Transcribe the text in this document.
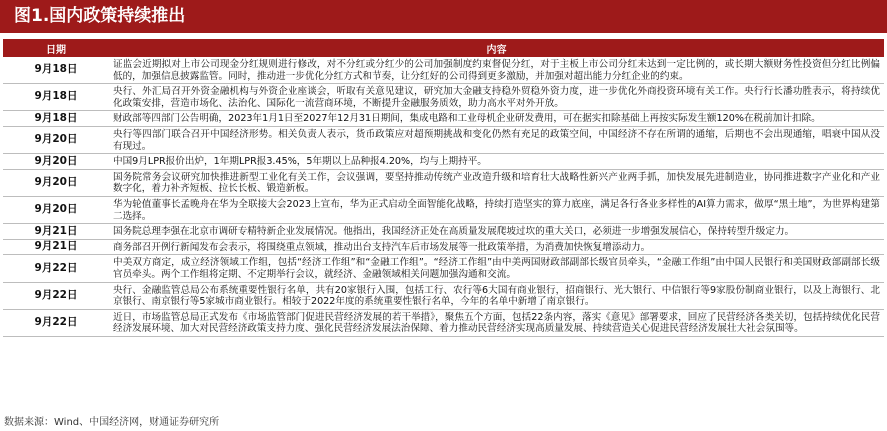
图1.国内政策持续推出
日期	内容
9月18日	证监会近期拟对上市公司现金分红规则进行修改，对不分红或分红少的公司加强制度约束督促分红，对于主板上市公司分红未达到一定比例的，或长期大额财务性投资但分红比例偏低的，加强信息披露监管。同时，推动进一步优化分红方式和节奏，让分红好的公司得到更多激励，并加强对超出能力分红企业的约束。
9月18日	央行、外汇局召开外资金融机构与外资企业座谈会，听取有关意见建议，研究加大金融支持稳外贸稳外资力度，进一步优化外商投资环境有关工作。央行行长潘功胜表示，将持续优化政策安排，营造市场化、法治化、国际化一流营商环境，不断提升金融服务质效，助力高水平对外开放。
9月18日	财政部等四部门公告明确，2023年1月1日至2027年12月31日期间，集成电路和工业母机企业研发费用，可在据实扣除基础上再按实际发生额120%在税前加计扣除。
9月20日	央行等四部门联合召开中国经济形势。相关负责人表示，货币政策应对超预期挑战和变化仍然有充足的政策空间，中国经济不存在所谓的通缩，后期也不会出现通缩，唱衰中国从没有现过。
9月20日	中国9月LPR报价出炉，1年期LPR报3.45%，5年期以上品种报4.20%，均与上期持平。
9月20日	国务院常务会议研究加快推进新型工业化有关工作，会议强调，要坚持推动传统产业改造升级和培育壮大战略性新兴产业两手抓，加快发展先进制造业，协同推进数字产业化和产业数字化，着力补齐短板、拉长长板、锻造新板。
9月20日	华为轮值董事长孟晚舟在华为全联接大会2023上宣布，华为正式启动全面智能化战略，持续打造坚实的算力底座，满足各行各业多样性的AI算力需求，做厚“黑土地”，为世界构建第二选择。
9月21日	国务院总理李强在北京市调研专精特新企业发展情况。他指出，我国经济正处在高质量发展爬坡过坎的重大关口，必须进一步增强发展信心，保持转型升级定力。
9月21日	商务部召开例行新闻发布会表示，将围绕重点领域，推动出台支持汽车后市场发展等一批政策举措，为消费加快恢复增添动力。
9月22日	中美双方商定，成立经济领域工作组，包括“经济工作组”和“金融工作组”。“经济工作组”由中美两国财政部副部长级官员牵头，“金融工作组”由中国人民银行和美国财政部副部长级官员牵头。两个工作组将定期、不定期举行会议，就经济、金融领域相关问题加强沟通和交流。
9月22日	央行、金融监管总局公布系统重要性银行名单，共有20家银行入围，包括工行、农行等6大国有商业银行，招商银行、光大银行、中信银行等9家股份制商业银行，以及上海银行、北京银行、南京银行等5家城市商业银行。相较于2022年度的系统重要性银行名单，今年的名单中新增了南京银行。
9月22日	近日，市场监管总局正式发布《市场监管部门促进民营经济发展的若干举措》，聚焦五个方面，包括22条内容，落实《意见》部署要求，回应了民营经济各类关切，包括持续优化民营经济发展环境、加大对民营经济政策支持力度、强化民营经济发展法治保障、着力推动民营经济实现高质量发展、持续营造关心促进民营经济发展壮大社会氛围等。
数据来源：Wind、中国经济网，财通证券研究所
